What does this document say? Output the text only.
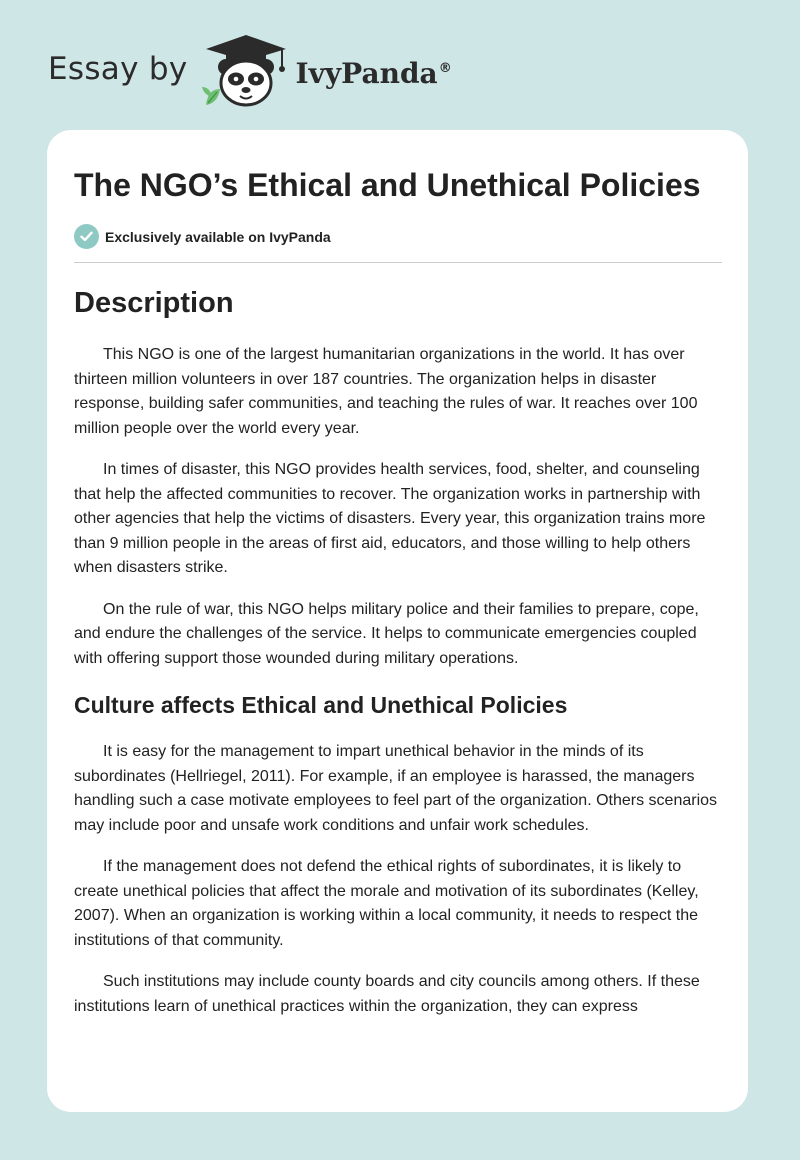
Essay by	IvyPanda®
The NGO’s Ethical and Unethical Policies
Exclusively available on IvyPanda
Description

This NGO is one of the largest humanitarian organizations in the world. It has over thirteen million volunteers in over 187 countries. The organization helps in disaster response, building safer communities, and teaching the rules of war. It reaches over 100 million people over the world every year.

In times of disaster, this NGO provides health services, food, shelter, and counseling that help the affected communities to recover. The organization works in partnership with other agencies that help the victims of disasters. Every year, this organization trains more than 9 million people in the areas of first aid, educators, and those willing to help others when disasters strike.

On the rule of war, this NGO helps military police and their families to prepare, cope, and endure the challenges of the service. It helps to communicate emergencies coupled with offering support those wounded during military operations.

Culture affects Ethical and Unethical Policies

It is easy for the management to impart unethical behavior in the minds of its subordinates (Hellriegel, 2011). For example, if an employee is harassed, the managers handling such a case motivate employees to feel part of the organization. Others scenarios may include poor and unsafe work conditions and unfair work schedules.

If the management does not defend the ethical rights of subordinates, it is likely to create unethical policies that affect the morale and motivation of its subordinates (Kelley, 2007). When an organization is working within a local community, it needs to respect the institutions of that community.

Such institutions may include county boards and city councils among others. If these institutions learn of unethical practices within the organization, they can express
